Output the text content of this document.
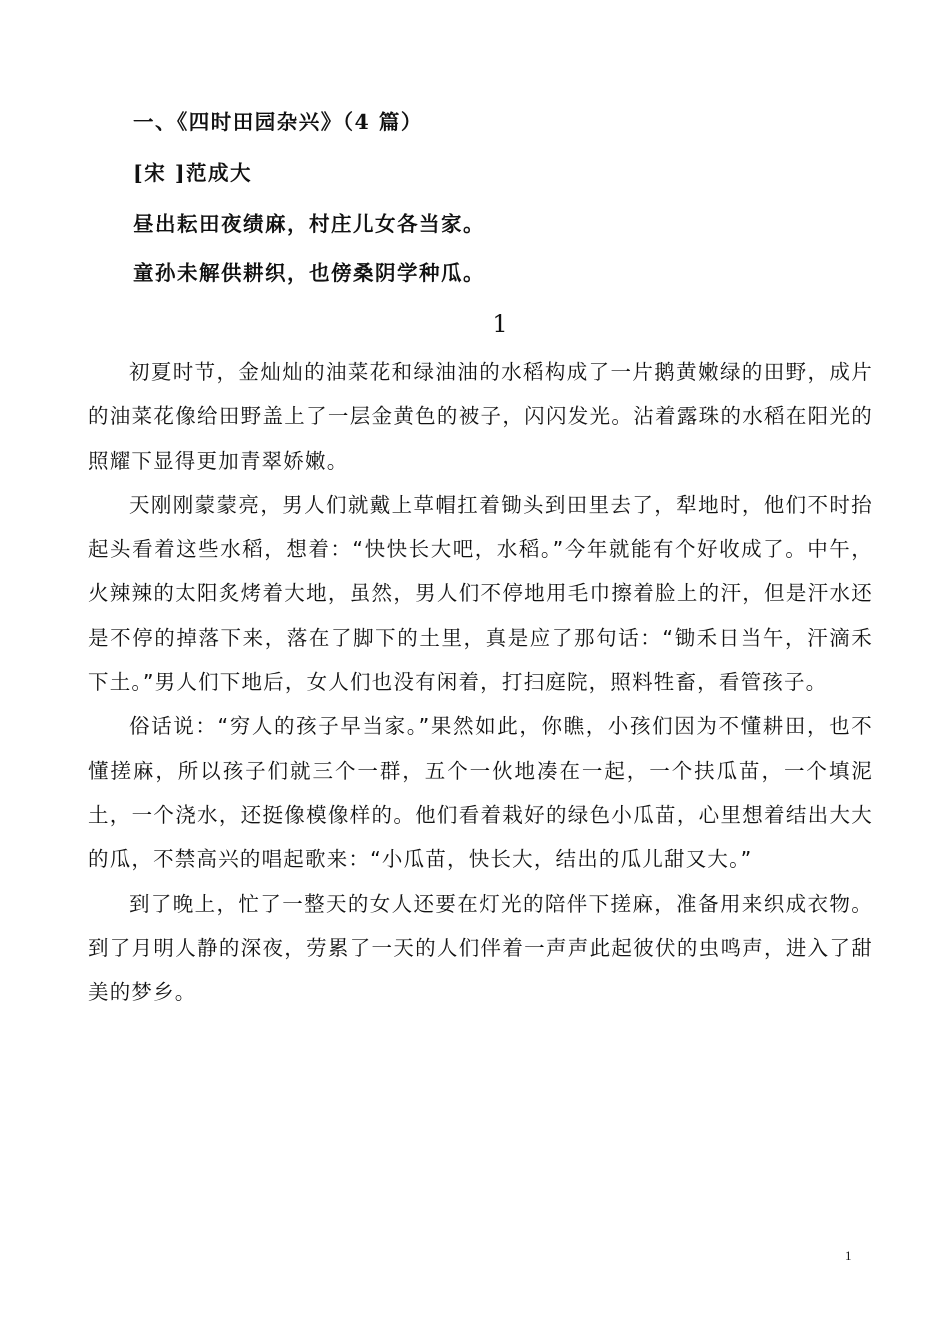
一、《四时田园杂兴》（4 篇）
[宋 ]范成大
昼出耘田夜绩麻，村庄儿女各当家。
童孙未解供耕织，也傍桑阴学种瓜。
1

初夏时节，金灿灿的油菜花和绿油油的水稻构成了一片鹅黄嫩绿的田野，成片的油菜花像给田野盖上了一层金黄色的被子，闪闪发光。沾着露珠的水稻在阳光的照耀下显得更加青翠娇嫩。

天刚刚蒙蒙亮，男人们就戴上草帽扛着锄头到田里去了，犁地时，他们不时抬起头看着这些水稻，想着：“快快长大吧，水稻。”今年就能有个好收成了。中午，火辣辣的太阳炙烤着大地，虽然，男人们不停地用毛巾擦着脸上的汗，但是汗水还是不停的掉落下来，落在了脚下的土里，真是应了那句话：“锄禾日当午，汗滴禾下土。”男人们下地后，女人们也没有闲着，打扫庭院，照料牲畜，看管孩子。

俗话说：“穷人的孩子早当家。”果然如此，你瞧，小孩们因为不懂耕田，也不懂搓麻，所以孩子们就三个一群，五个一伙地凑在一起，一个扶瓜苗，一个填泥土，一个浇水，还挺像模像样的。他们看着栽好的绿色小瓜苗，心里想着结出大大的瓜，不禁高兴的唱起歌来：“小瓜苗，快长大，结出的瓜儿甜又大。”

到了晚上，忙了一整天的女人还要在灯光的陪伴下搓麻，准备用来织成衣物。到了月明人静的深夜，劳累了一天的人们伴着一声声此起彼伏的虫鸣声，进入了甜美的梦乡。

1
